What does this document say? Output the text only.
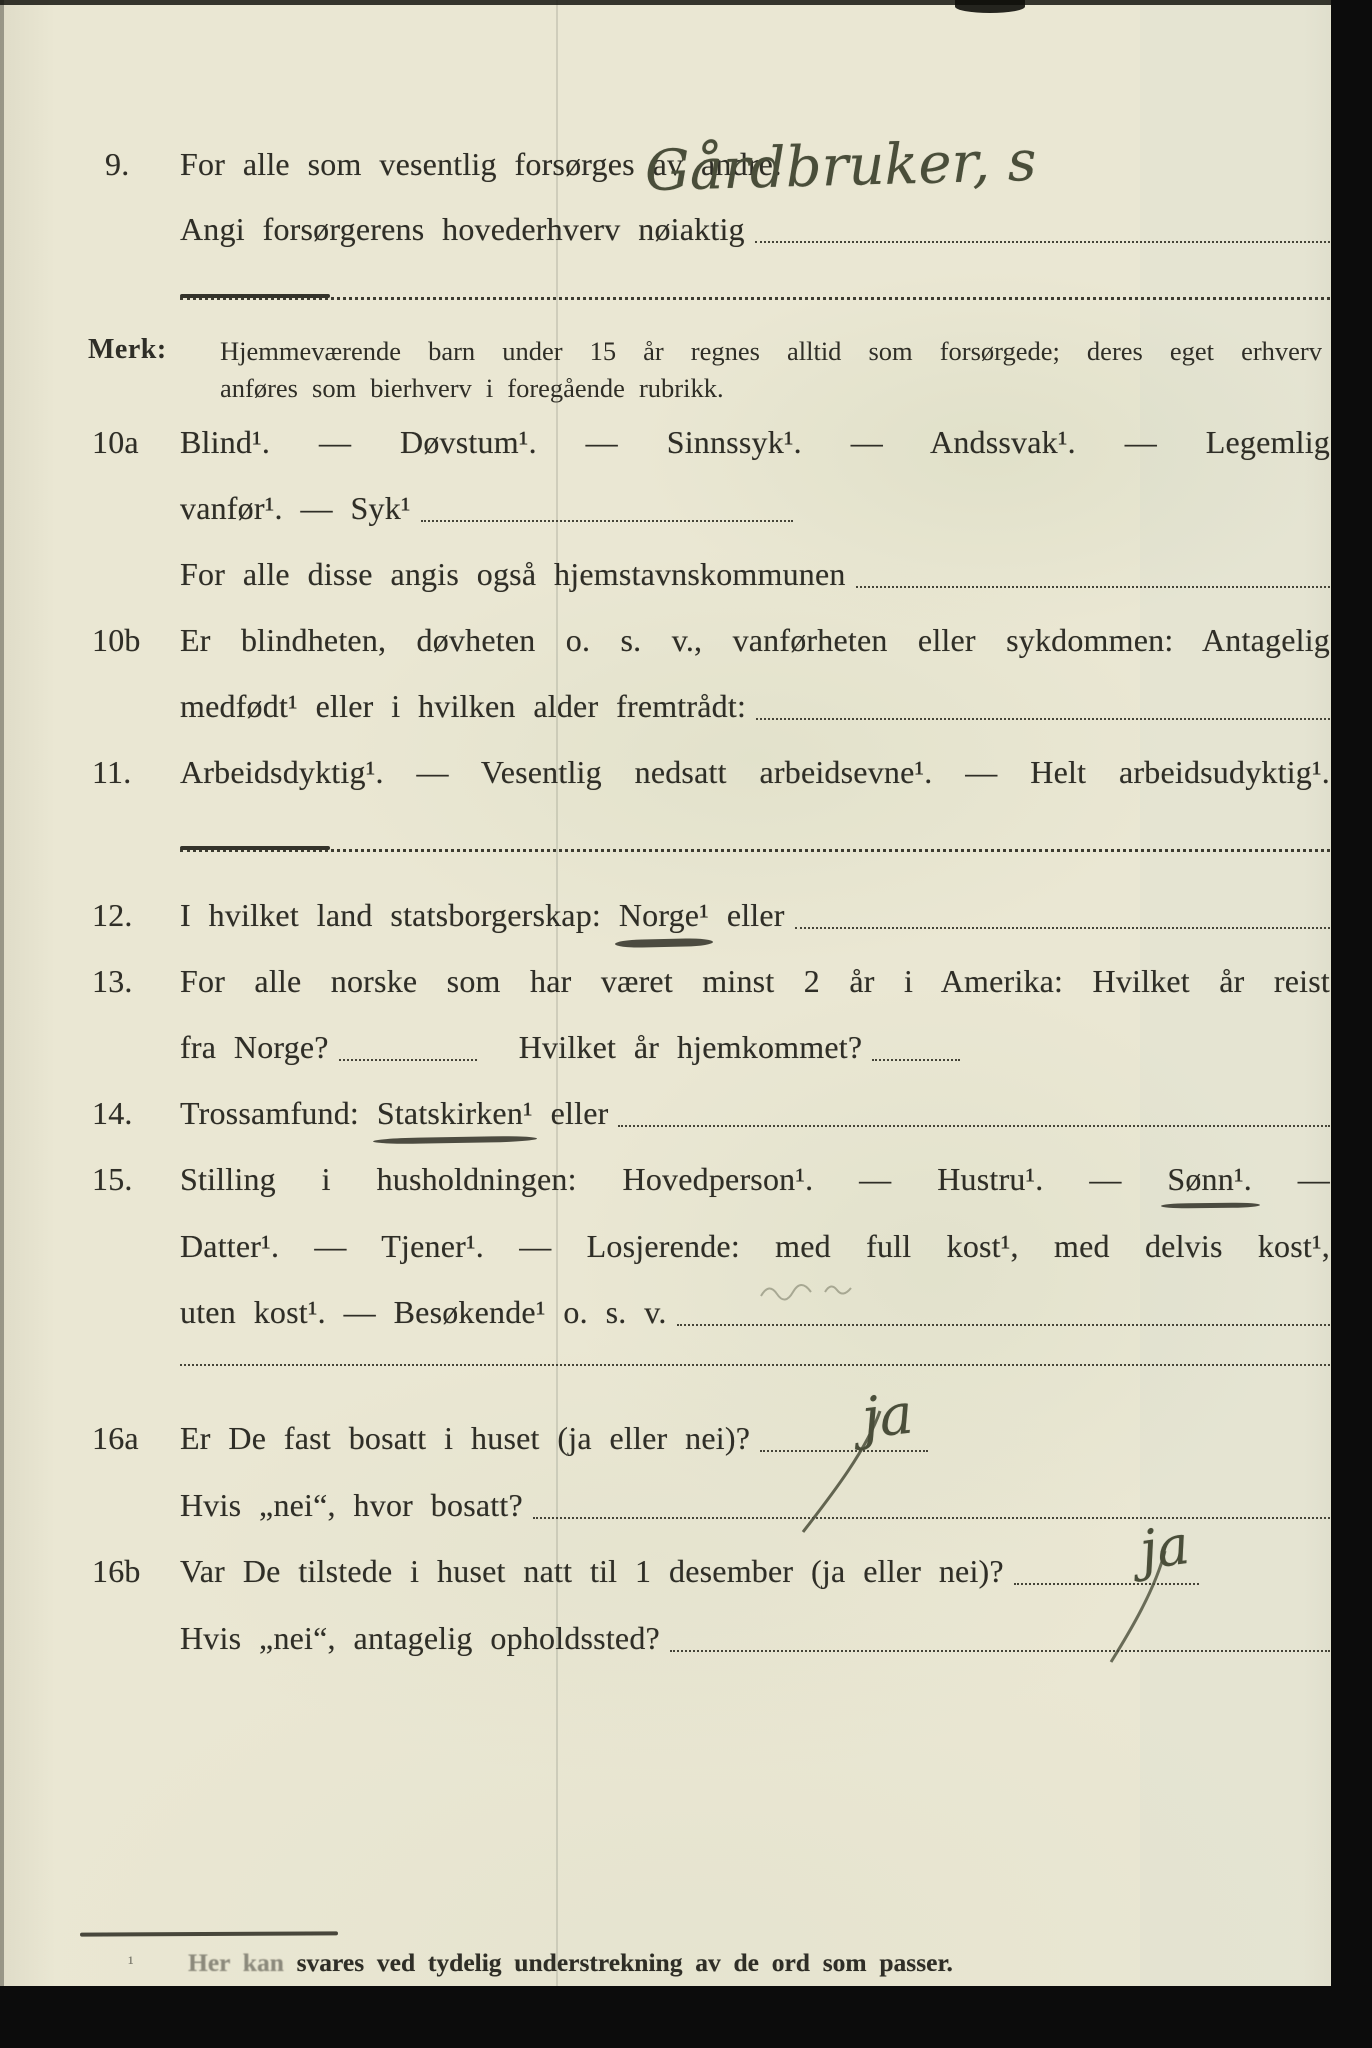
9. For alle som vesentlig forsørges av andre:
Angi forsørgerens hovederhverv nøiaktig
Gårdbruker, s
Merk: Hjemmeværende barn under 15 år regnes alltid som forsørgede; deres eget erhverv
anføres som bierhverv i foregående rubrikk.
10a Blind¹. — Døvstum¹. — Sinnssyk¹. — Andssvak¹. — Legemlig
vanfør¹. — Syk¹
For alle disse angis også hjemstavnskommunen
10b Er blindheten, døvheten o. s. v., vanførheten eller sykdommen: Antagelig
medfødt¹ eller i hvilken alder fremtrådt:
11. Arbeidsdyktig¹. — Vesentlig nedsatt arbeidsevne¹. — Helt arbeidsudyktig¹.
12. I hvilket land statsborgerskap:
Norge¹
eller
13. For alle norske som har været minst 2 år i Amerika: Hvilket år reist
fra Norge?	Hvilket år hjemkommet?
14. Trossamfund:
Statskirken¹
eller
15. Stilling i husholdningen: Hovedperson¹. — Hustru¹. — Sønn¹. —
Datter¹. — Tjener¹. — Losjerende: med full kost¹, med delvis kost¹,
uten kost¹. — Besøkende¹ o. s. v.
16a Er De fast bosatt i huset (ja eller nei)? ja
Hvis „nei“, hvor bosatt?
16b Var De tilstede i huset natt til 1 desember (ja eller nei)? ja
Hvis „nei“, antagelig opholdssted?
¹ Her kan svares ved tydelig understrekning av de ord som passer.
